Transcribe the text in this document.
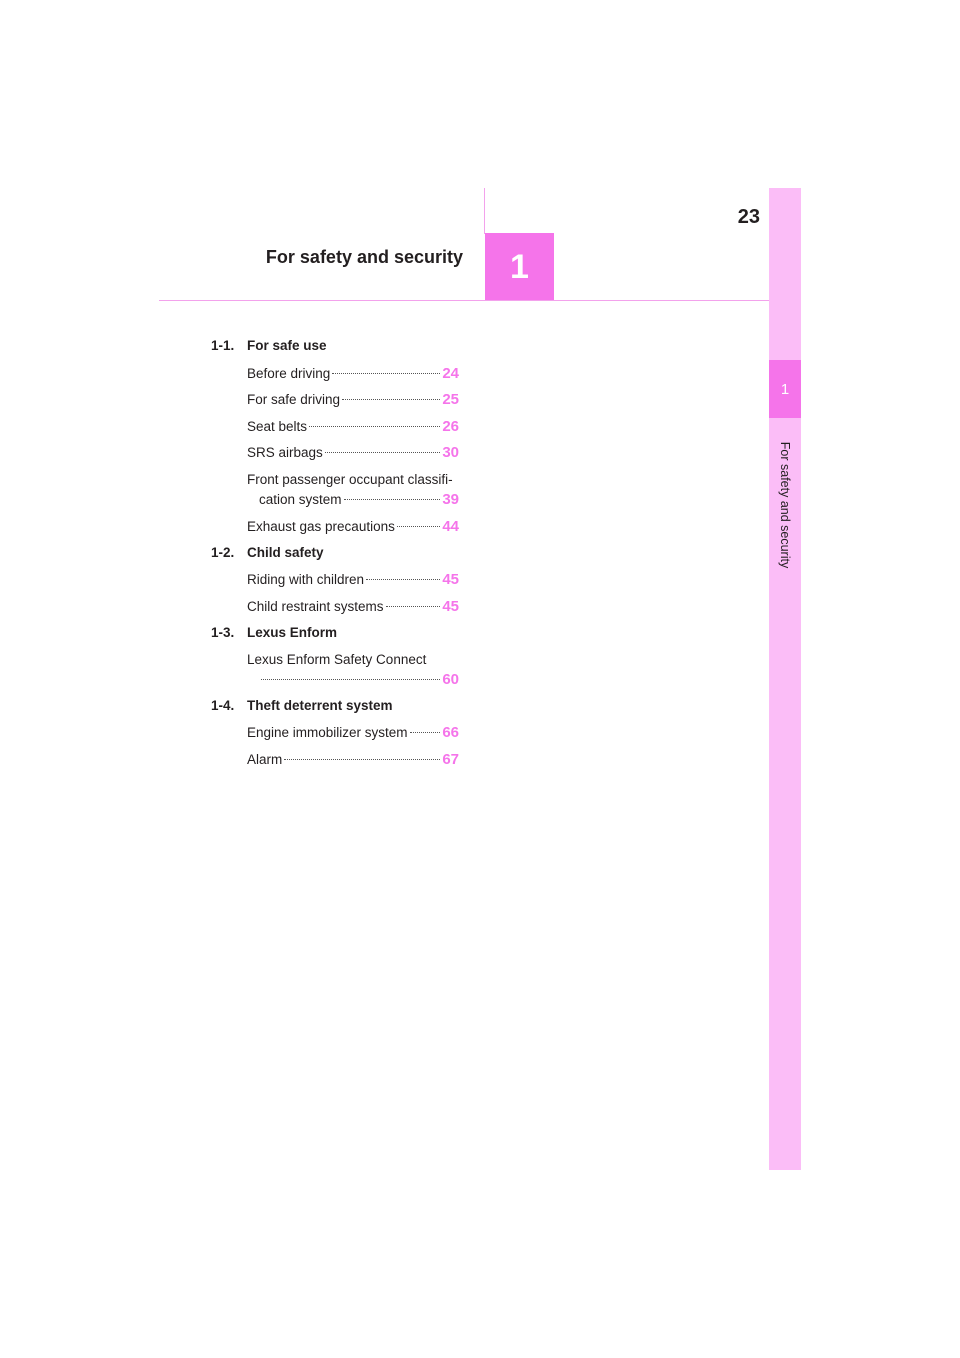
1
For safety and security
23
1
For safety and security
1-1. For safe use
Before driving	24
For safe driving	25
Seat belts	26
SRS airbags	30
Front passenger occupant classifi-
cation system	39
Exhaust gas precautions	44
1-2. Child safety
Riding with children	45
Child restraint systems	45
1-3. Lexus Enform
Lexus Enform Safety Connect
60
1-4. Theft deterrent system
Engine immobilizer system 66
Alarm	67
